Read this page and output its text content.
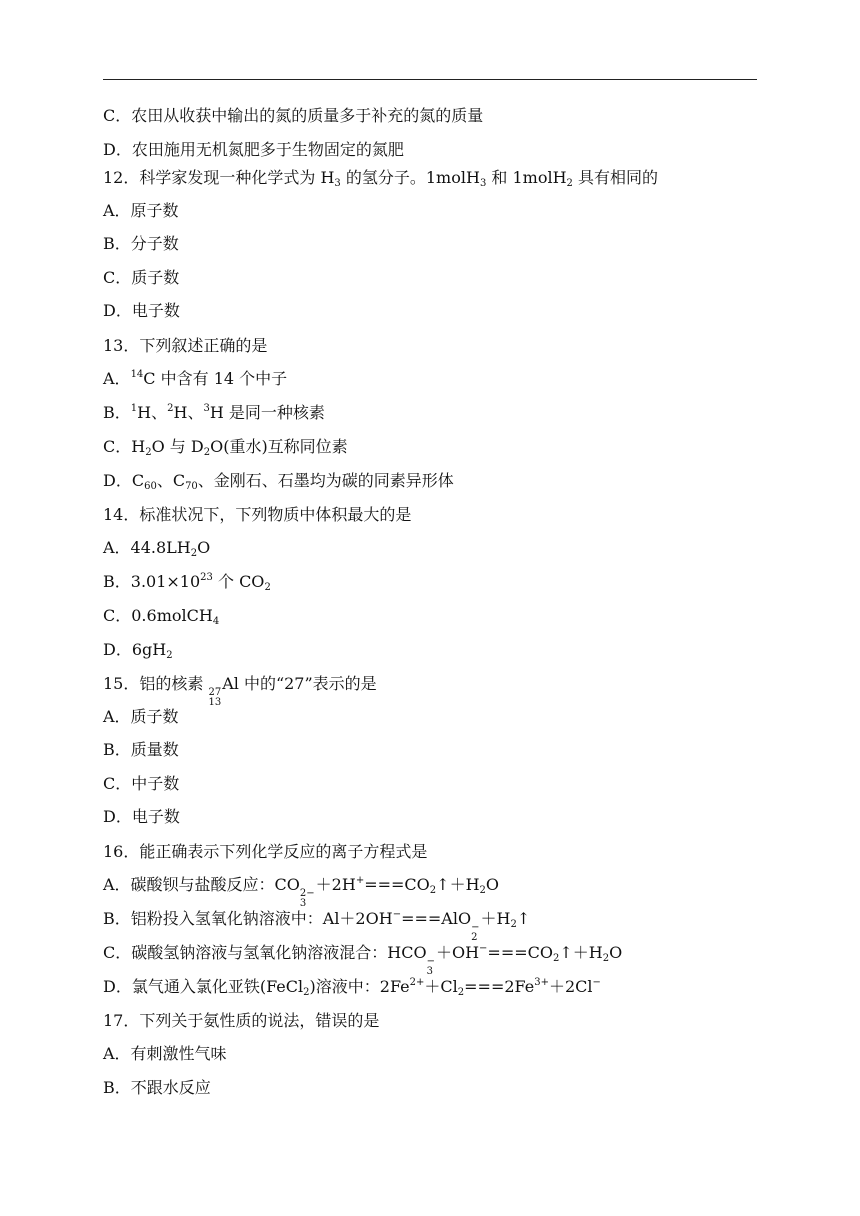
C．农田从收获中输出的氮的质量多于补充的氮的质量
D．农田施用无机氮肥多于生物固定的氮肥
12．科学家发现一种化学式为 $H_3$ 的氢分子。1molH$_3$ 和 1molH$_2$ 具有相同的
A．原子数
B．分子数
C．质子数
D．电子数
13．下列叙述正确的是
A．$^{14}$C 中含有 14 个中子
B．$^1$H、$^2$H、$^3$H 是同一种核素
C．$H_2O$ 与 $D_2O$(重水)互称同位素
D．$C_{60}$、$C_{70}$、金刚石、石墨均为碳的同素异形体
14．标准状况下，下列物质中体积最大的是
A．$44.8LH_2O$
B．$3.01\times 10^{23}$ 个 $CO_2$
C．0.6molCH$_4$
D．$6gH_2$
15．铝的核素 27
13
Al 中的“27”表示的是
A．质子数
B．质量数
C．中子数
D．电子数
16．能正确表示下列化学反应的离子方程式是
A．碳酸钡与盐酸反应：CO 2−
3
$+2H^+===CO_2↑+H_2O$
B．铝粉投入氢氧化钠溶液中：Al＋2OH−===AlO −
2
$+H_2↑$
C．碳酸氢钠溶液与氢氧化钠溶液混合：HCO −
3
$+OH^-===CO_2↑+H_2O$
D．氯气通入氯化亚铁(FeCl$_2$)溶液中：$2Fe^{2+}+Cl_2===2Fe^{3+}+2Cl^-$
17．下列关于氨性质的说法，错误的是
A．有刺激性气味
B．不跟水反应
